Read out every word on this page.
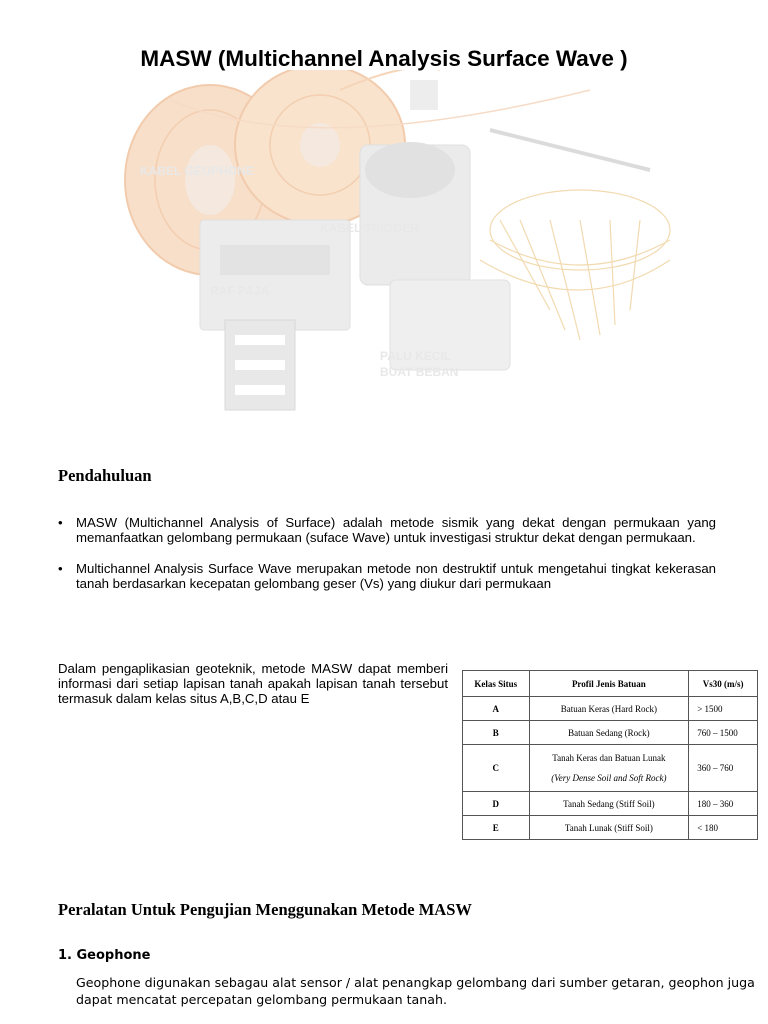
MASW (Multichannel Analysis Surface Wave )
KABEL GEOPHONE
KABEL TRIGGER
RAF PAJA
PALU KECIL
BUAT BEBAN
Pendahuluan
• MASW (Multichannel Analysis of Surface) adalah metode sismik yang dekat dengan permukaan yang memanfaatkan gelombang permukaan (suface Wave) untuk investigasi struktur dekat dengan permukaan.
• Multichannel Analysis Surface Wave merupakan metode non destruktif untuk mengetahui tingkat kekerasan tanah berdasarkan kecepatan gelombang geser (Vs) yang diukur dari permukaan

Dalam pengaplikasian geoteknik, metode MASW dapat memberi informasi dari setiap lapisan tanah apakah lapisan tanah tersebut termasuk dalam kelas situs A,B,C,D atau E

Kelas Situs	Profil Jenis Batuan	Vs30 (m/s)
A	Batuan Keras (Hard Rock)	> 1500
B	Batuan Sedang (Rock)	760 – 1500
C	Tanah Keras dan Batuan Lunak
(Very Dense Soil and Soft Rock)	360 – 760
D	Tanah Sedang (Stiff Soil)	180 – 360
E	Tanah Lunak (Stiff Soil)	< 180
Peralatan Untuk Pengujian Menggunakan Metode MASW
1. Geophone

Geophone digunakan sebagau alat sensor / alat penangkap gelombang dari sumber getaran, geophon juga dapat mencatat percepatan gelombang permukaan tanah.
